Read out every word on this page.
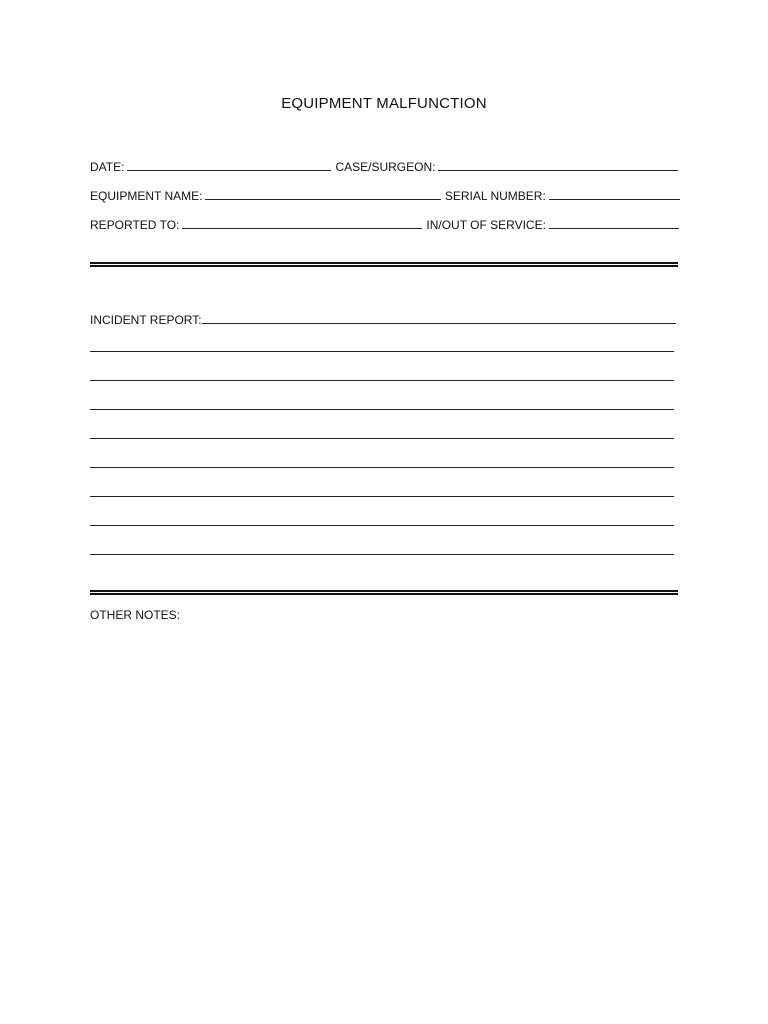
EQUIPMENT MALFUNCTION
DATE:	CASE/SURGEON:
EQUIPMENT NAME:	SERIAL NUMBER:
REPORTED TO:	IN/OUT OF SERVICE:
INCIDENT REPORT:
OTHER NOTES:
